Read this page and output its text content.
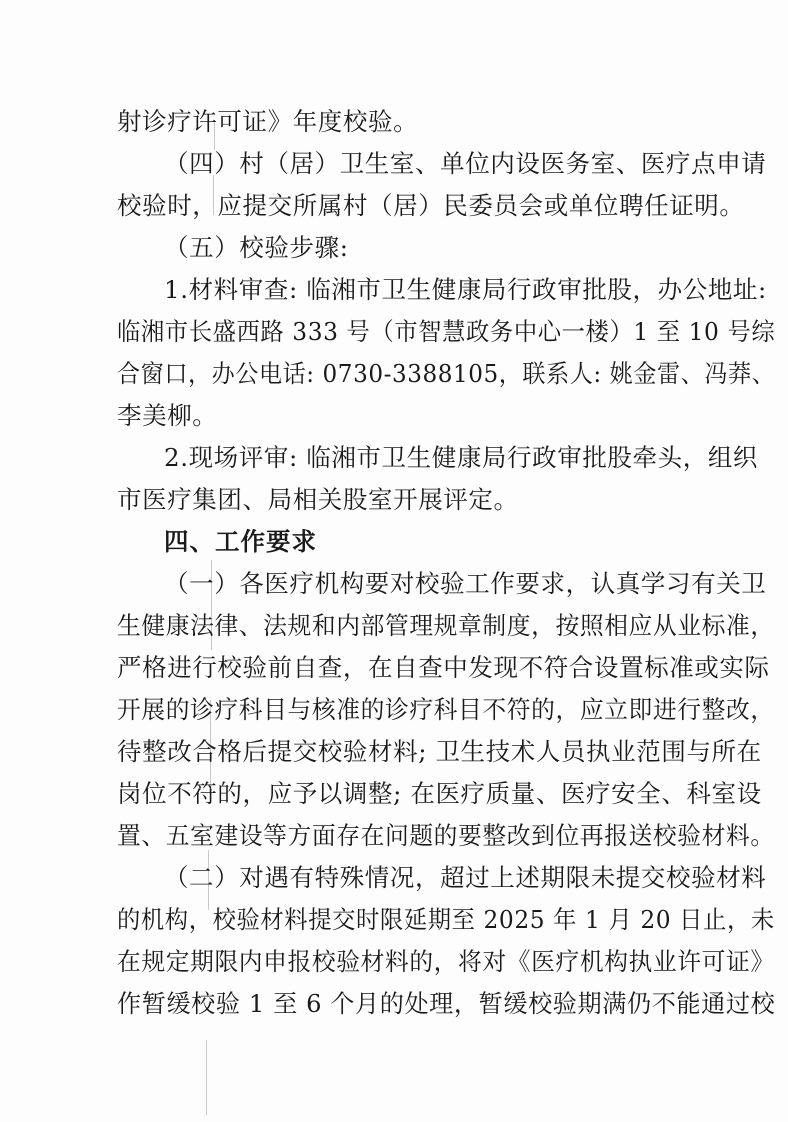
射诊疗许可证》年度校验。
（四）村（居）卫生室、单位内设医务室、医疗点申请
校验时，应提交所属村（居）民委员会或单位聘任证明。
（五）校验步骤:
1.材料审查: 临湘市卫生健康局行政审批股，办公地址:
临湘市长盛西路 333 号（市智慧政务中心一楼）1 至 10 号综
合窗口，办公电话: 0730-3388105，联系人: 姚金雷、冯莽、
李美柳。
2.现场评审: 临湘市卫生健康局行政审批股牵头，组织
市医疗集团、局相关股室开展评定。
四、工作要求
（一）各医疗机构要对校验工作要求，认真学习有关卫
生健康法律、法规和内部管理规章制度，按照相应从业标准，
严格进行校验前自查，在自查中发现不符合设置标准或实际
开展的诊疗科目与核准的诊疗科目不符的，应立即进行整改，
待整改合格后提交校验材料; 卫生技术人员执业范围与所在
岗位不符的，应予以调整; 在医疗质量、医疗安全、科室设
置、五室建设等方面存在问题的要整改到位再报送校验材料。
（二）对遇有特殊情况，超过上述期限未提交校验材料
的机构，校验材料提交时限延期至 2025 年 1 月 20 日止，未
在规定期限内申报校验材料的，将对《医疗机构执业许可证》
作暂缓校验 1 至 6 个月的处理，暂缓校验期满仍不能通过校
